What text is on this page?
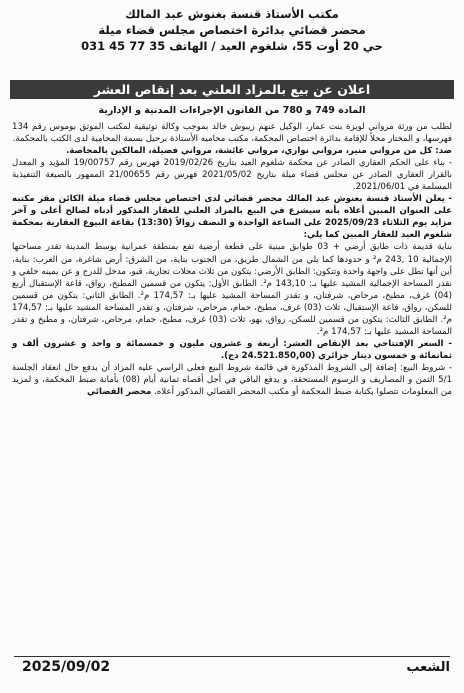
مكتب الأستاذ قنسة بغنوش عبد المالك
محضر قضائي بدائرة اختصاص مجلس قضاء ميلة
حي 20 أوت 55، شلغوم العيد / الهاتف 35 77 45 031
اعلان عن بيع بالمزاد العلني بعد إنقاص العشر
المادة 749 و 780 من القانون الإجراءات المدنية و الإدارية

لطلب من ورثة مرواني لويزة بنت عمار، الوكيل عنهم زيبوش خالد بموجب وكالة توثيقية لمكتب الموثق بوموس رقم 134 فهرسها، و المختار محلاً للإقامة بدائرة اختصاص المحكمة، مكتب محاميه الأستاذة برحيل بسمة المحامية لدى الكتب بالمحكمة.

ضد: كل من مرواني منير، مرواني نواري، مرواني عائشة، مرواني فضيلة، المالكين بالمحاصة.

- بناء على الحكم العقاري الصادر عن محكمة شلغوم العيد بتاريخ 2019/02/26 فهرس رقم 19/00757 المؤيد و المعدل بالقرار العقاري الصادر عن مجلس قضاء ميلة بتاريخ 2021/05/02 فهرس رقم 21/00655 الممهور بالصيغة التنفيذية المسلمة في 2021/06/01.

- يعلن الأستاذ قنسة بغنوش عبد المالك محضر قضائي لدى اختصاص مجلس قضاء ميلة الكائن مقر مكتبه على العنوان المبين أعلاه بأنه سيشرع في البيع بالمزاد العلني للعقار المذكور أدناه لصالح أعلى و آخر مزايد يوم الثلاثاء 2025/09/23 على الساعة الواحدة و النصف زوالاً (13:30) بقاعة البيوع العقارية بمحكمة شلغوم العيد للعقار المبين كما يلي:

بناية قديمة ذات طابق أرضي + 03 طوابق مبنية على قطعة أرضية تقع بمنطقة عمرانية بوسط المدينة تقدر مساحتها الإجمالية 10 ,243 م² و حدودها كما يلي من الشمال طريق، من الجنوب بناية، من الشرق: أرض شاغرة، من الغرب: بناية، أين أنها تطل على واجهة واحدة وتتكون: الطابق الأرضي: يتكون من ثلاث محلات تجارية، قبو، مدخل للدرج و عن يمينه خلفي و نقدر المساحة الإجمالية المشيد عليها بـ: 143,10 م². الطابق الأول: يتكون من قسمين المطبخ، رواق، قاعة الإستقبال أربع (04) غرف، مطبخ، مرحاض، شرفتان، و تقدر المساحة المشيد عليها بـ: 174,57 م². الطابق الثاني: يتكون من قسمين للسكن، رواق، قاعة الإستقبال، ثلاث (03) غرف، مطبخ، حمام، مرحاض، شرفتان، و تقدر المساحة المشيد عليها بـ: 174,57 م². الطابق الثالث: يتكون من قسمين للسكن، رواق، بهو، ثلاث (03) غرف، مطبخ، حمام، مرحاض، شرفتان، و مطبخ و تقدر المساحة المشيد عليها بـ: 174,57 م².

- السعر الإفتتاحي بعد الإنقاص العشر: أربعة و عشرون مليون و خمسمائة و واحد و عشرون ألف و ثمانمائة و خمسون دينار جزائري (24.521.850,00 دج).

- شروط البيع: إضافة إلى الشروط المذكورة في قائمة شروط البيع فعلى الراسي عليه المزاد أن يدفع حال انعقاد الجلسة 5/1 الثمن و المصاريف و الرسوم المستحقة، و يدفع الباقي في أجل أقصاه ثمانية أيام (08) بأمانة ضبط المحكمة، و لمزيد من المعلومات تتصلوا بكتابة ضبط المحكمة أو مكتب المحضر القضائي المذكور أعلاه. محضر القضائي

الشعب
2025/09/02
